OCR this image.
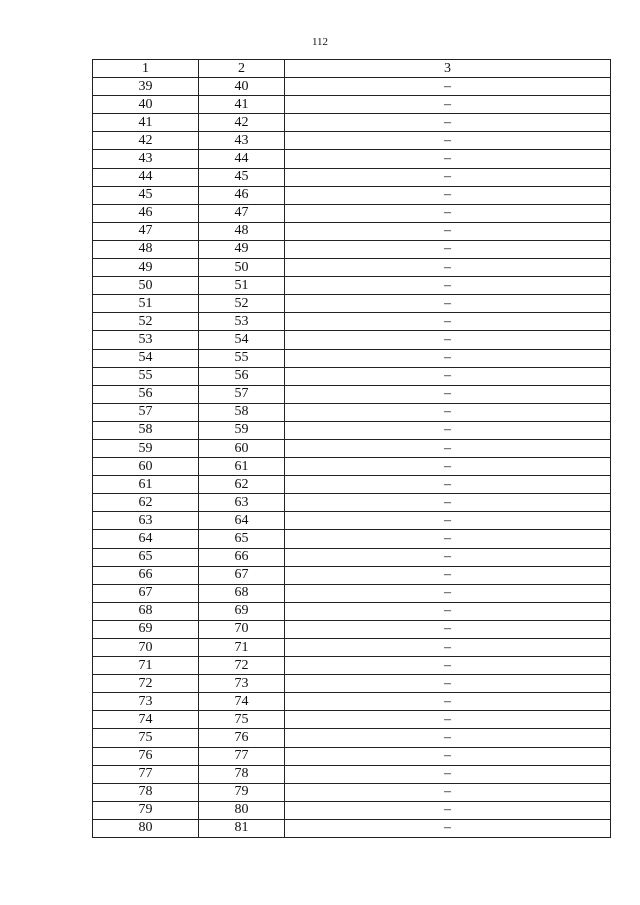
112
1	2	3
39	40	–
40	41	–
41	42	–
42	43	–
43	44	–
44	45	–
45	46	–
46	47	–
47	48	–
48	49	–
49	50	–
50	51	–
51	52	–
52	53	–
53	54	–
54	55	–
55	56	–
56	57	–
57	58	–
58	59	–
59	60	–
60	61	–
61	62	–
62	63	–
63	64	–
64	65	–
65	66	–
66	67	–
67	68	–
68	69	–
69	70	–
70	71	–
71	72	–
72	73	–
73	74	–
74	75	–
75	76	–
76	77	–
77	78	–
78	79	–
79	80	–
80	81	–
